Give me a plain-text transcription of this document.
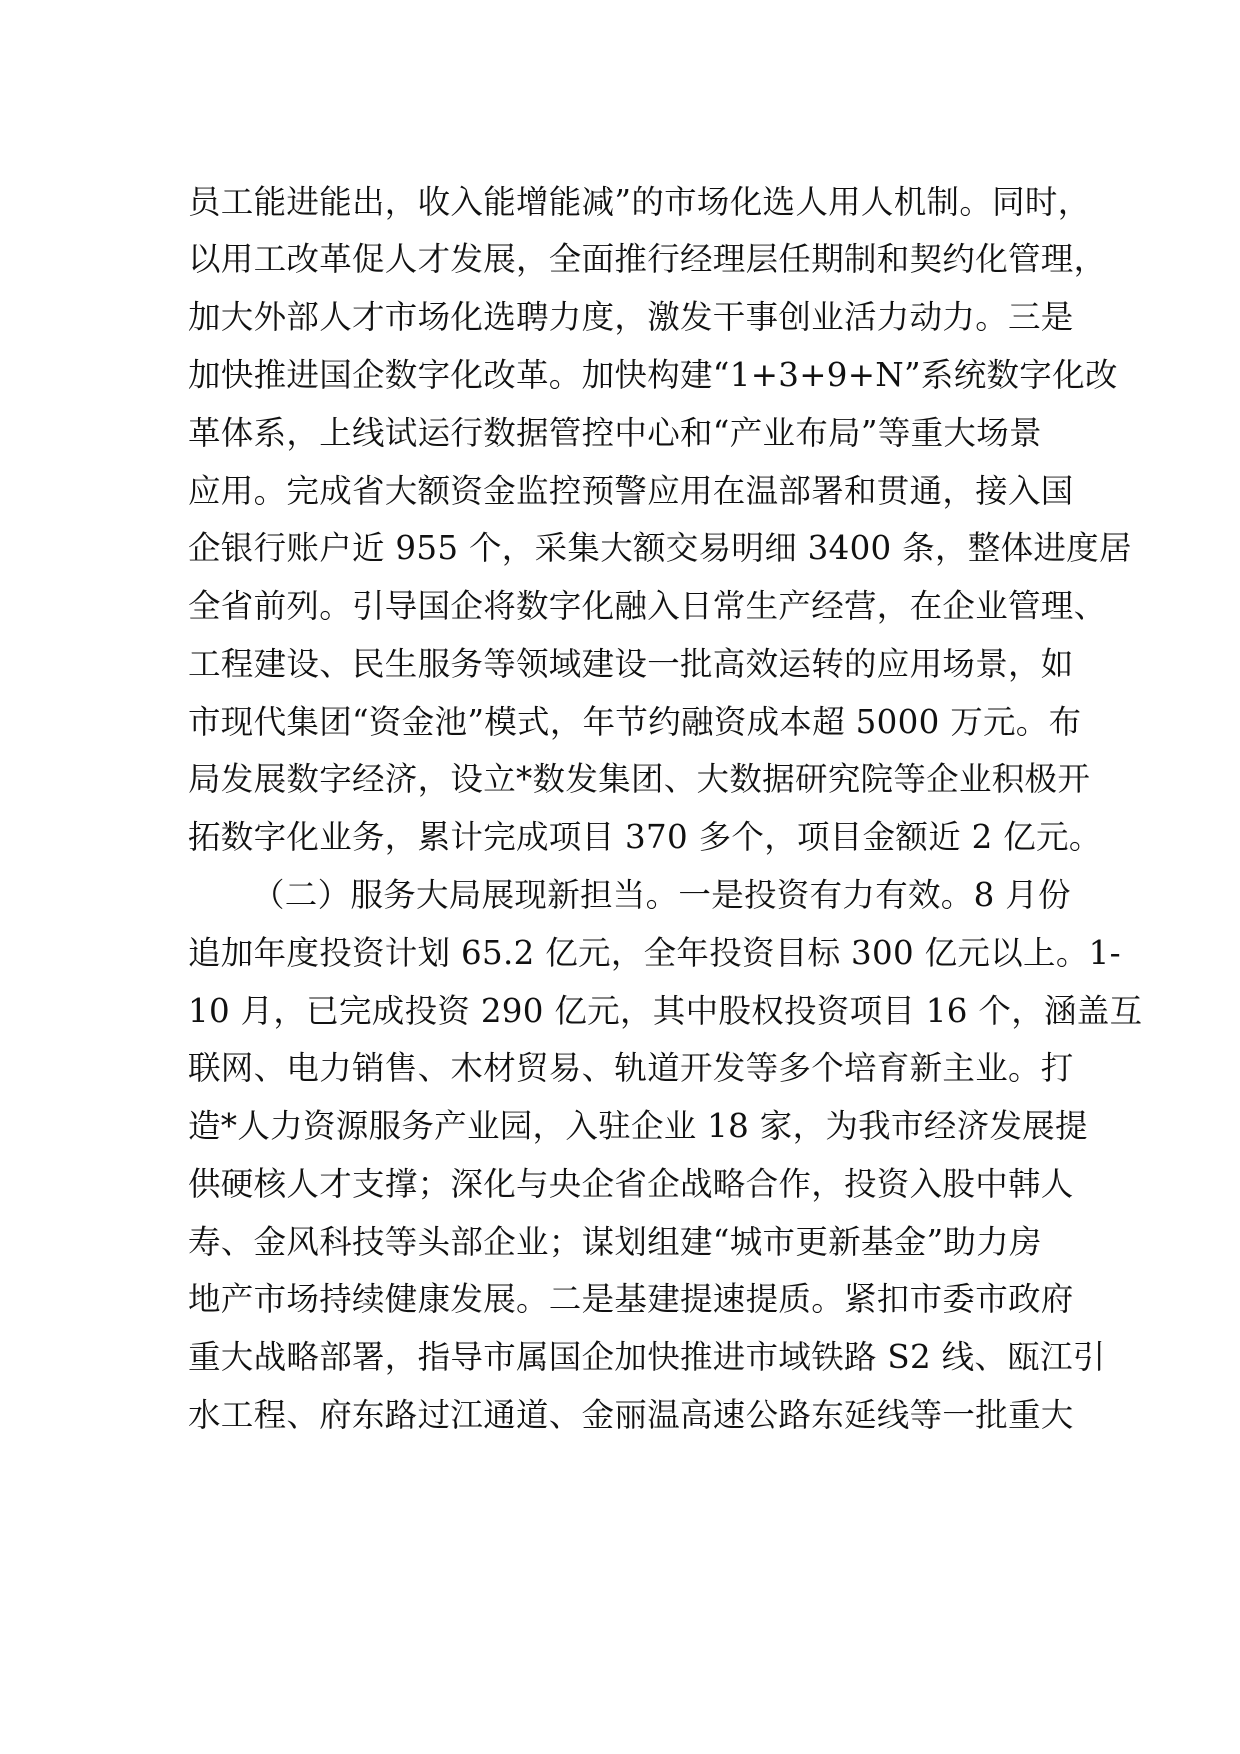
员工能进能出，收入能增能减”的市场化选人用人机制。同时，
以用工改革促人才发展，全面推行经理层任期制和契约化管理，
加大外部人才市场化选聘力度，激发干事创业活力动力。三是
加快推进国企数字化改革。加快构建“1+3+9+N”系统数字化改
革体系，上线试运行数据管控中心和“产业布局”等重大场景
应用。完成省大额资金监控预警应用在温部署和贯通，接入国
企银行账户近 955 个，采集大额交易明细 3400 条，整体进度居
全省前列。引导国企将数字化融入日常生产经营，在企业管理、
工程建设、民生服务等领域建设一批高效运转的应用场景，如
市现代集团“资金池”模式，年节约融资成本超 5000 万元。布
局发展数字经济，设立*数发集团、大数据研究院等企业积极开
拓数字化业务，累计完成项目 370 多个，项目金额近 2 亿元。
（二）服务大局展现新担当。一是投资有力有效。8 月份
追加年度投资计划 65.2 亿元，全年投资目标 300 亿元以上。1-
10 月，已完成投资 290 亿元，其中股权投资项目 16 个，涵盖互
联网、电力销售、木材贸易、轨道开发等多个培育新主业。打
造*人力资源服务产业园，入驻企业 18 家，为我市经济发展提
供硬核人才支撑；深化与央企省企战略合作，投资入股中韩人
寿、金风科技等头部企业；谋划组建“城市更新基金”助力房
地产市场持续健康发展。二是基建提速提质。紧扣市委市政府
重大战略部署，指导市属国企加快推进市域铁路 S2 线、瓯江引
水工程、府东路过江通道、金丽温高速公路东延线等一批重大
